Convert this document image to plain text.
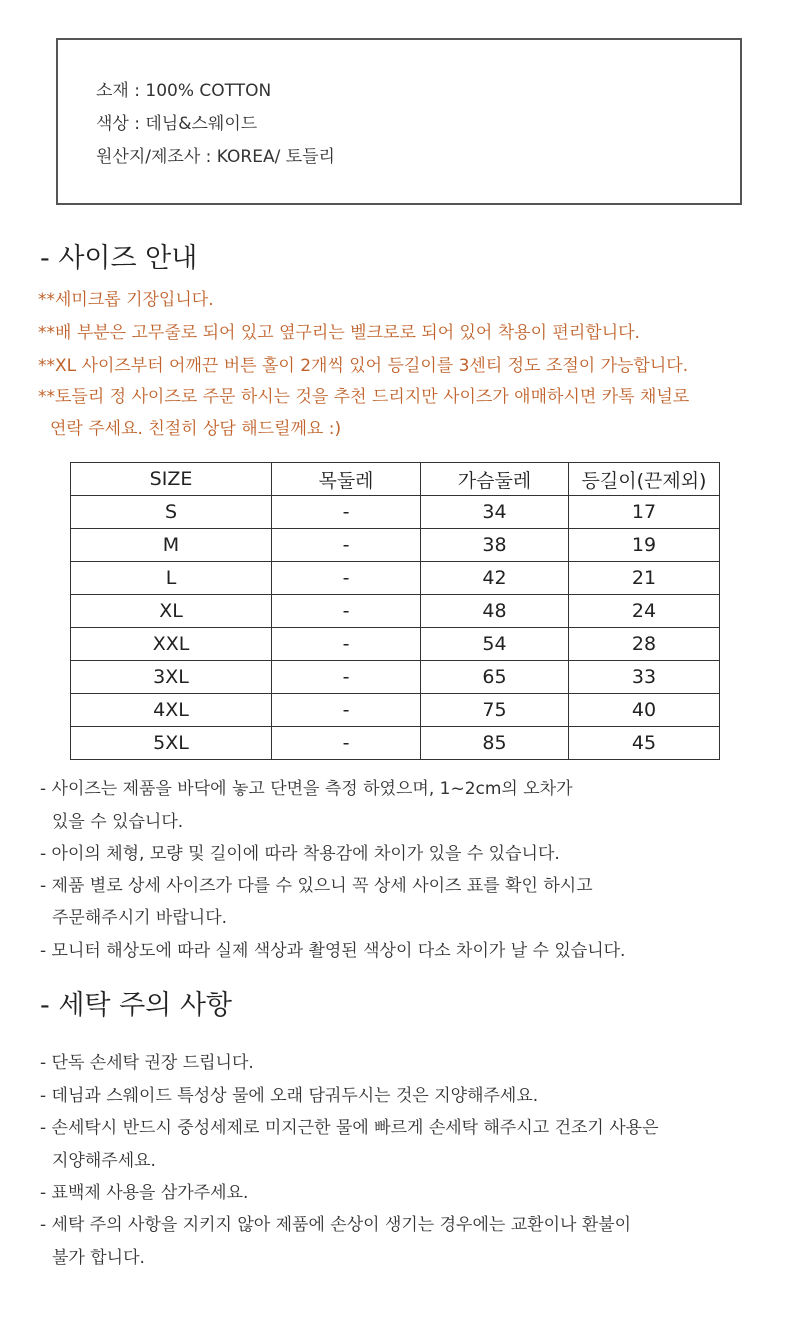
소재 : 100% COTTON
색상 : 데님&스웨이드
원산지/제조사 : KOREA/ 토들리
- 사이즈 안내
**세미크롭 기장입니다.
**배 부분은 고무줄로 되어 있고 옆구리는 벨크로로 되어 있어 착용이 편리합니다.
**XL 사이즈부터 어깨끈 버튼 홀이 2개씩 있어 등길이를 3센티 정도 조절이 가능합니다.
**토들리 정 사이즈로 주문 하시는 것을 추천 드리지만 사이즈가 애매하시면 카톡 채널로
연락 주세요. 친절히 상담 해드릴께요 :)
SIZE	목둘레	가슴둘레	등길이(끈제외)
S	-	34	17
M	-	38	19
L	-	42	21
XL	-	48	24
XXL	-	54	28
3XL	-	65	33
4XL	-	75	40
5XL	-	85	45
- 사이즈는 제품을 바닥에 놓고 단면을 측정 하였으며, 1~2cm의 오차가
있을 수 있습니다.
- 아이의 체형, 모량 및 길이에 따라 착용감에 차이가 있을 수 있습니다.
- 제품 별로 상세 사이즈가 다를 수 있으니 꼭 상세 사이즈 표를 확인 하시고
주문해주시기 바랍니다.
- 모니터 해상도에 따라 실제 색상과 촬영된 색상이 다소 차이가 날 수 있습니다.
- 세탁 주의 사항
- 단독 손세탁 권장 드립니다.
- 데님과 스웨이드 특성상 물에 오래 담궈두시는 것은 지양해주세요.
- 손세탁시 반드시 중성세제로 미지근한 물에 빠르게 손세탁 해주시고 건조기 사용은
지양해주세요.
- 표백제 사용을 삼가주세요.
- 세탁 주의 사항을 지키지 않아 제품에 손상이 생기는 경우에는 교환이나 환불이
불가 합니다.
